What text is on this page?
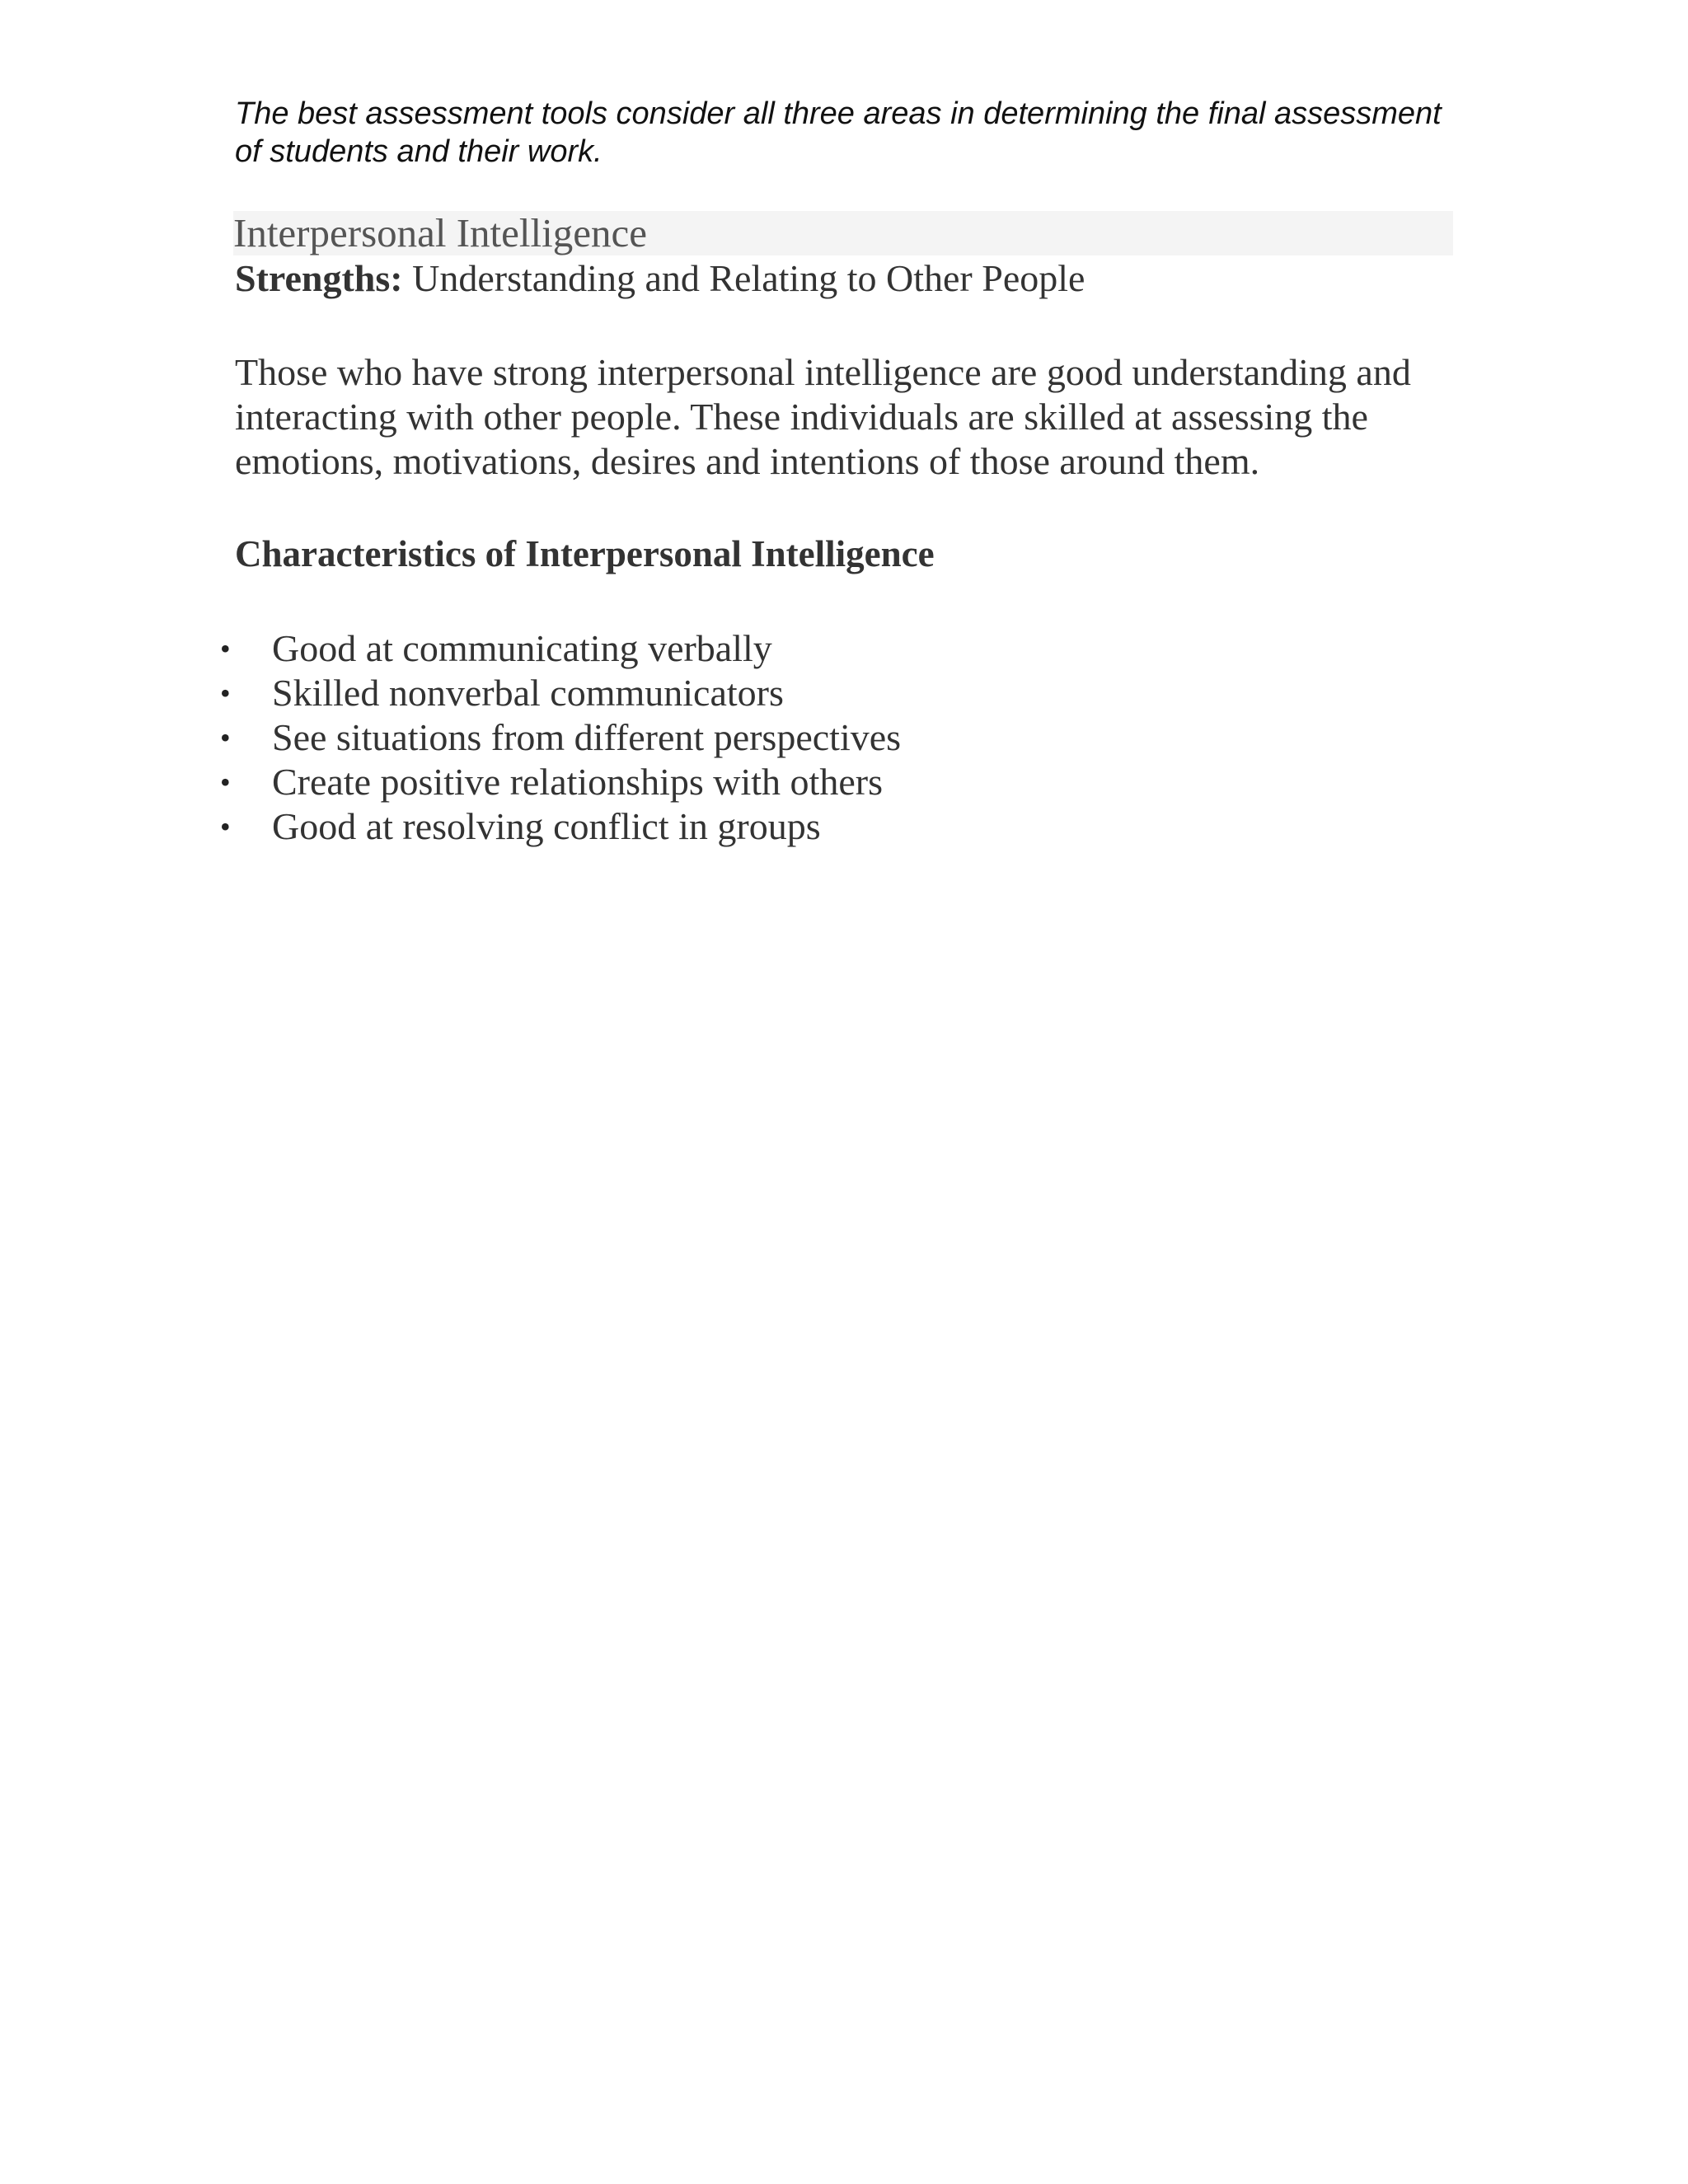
The best assessment tools consider all three areas in determining the final assessment of students and their work.

Interpersonal Intelligence

Strengths: Understanding and Relating to Other People

Those who have strong interpersonal intelligence are good understanding and interacting with other people. These individuals are skilled at assessing the emotions, motivations, desires and intentions of those around them.

Characteristics of Interpersonal Intelligence
• Good at communicating verbally
• Skilled nonverbal communicators
• See situations from different perspectives
• Create positive relationships with others
• Good at resolving conflict in groups
